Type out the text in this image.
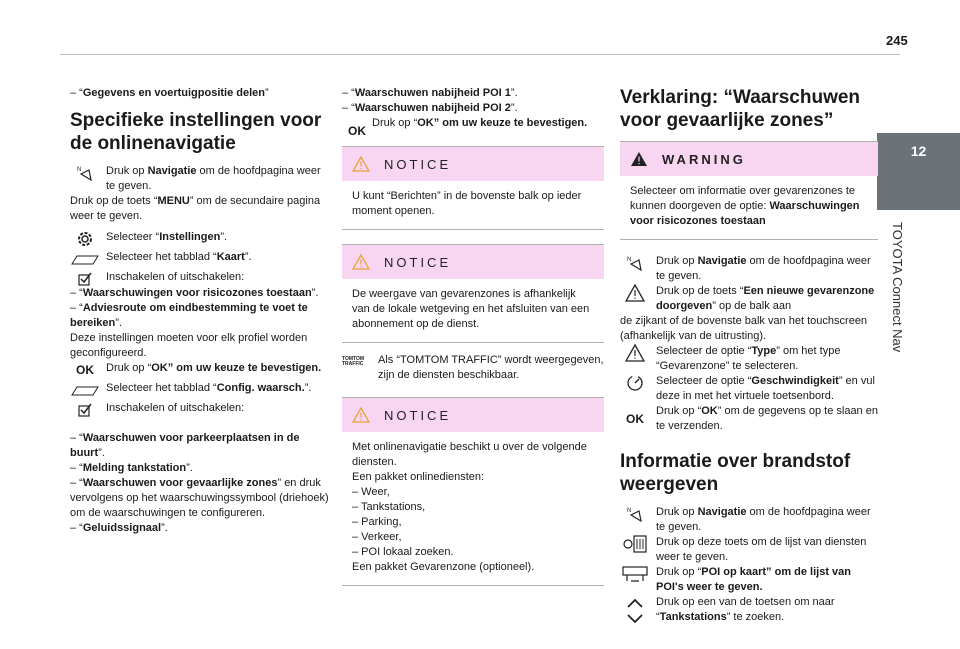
245
12
TOYOTA Connect Nav

– “Gegevens en voertuigpositie delen”

Specifieke instellingen voor de onlinenavigatie
N Druk op Navigatie om de hoofdpagina weer te geven.

Druk op de toets “MENU” om de secundaire pagina weer te geven.

Selecteer “Instellingen”.

Selecteer het tabblad “Kaart”.

Inschakelen of uitschakelen:

– “Waarschuwingen voor risicozones toestaan”.

– “Adviesroute om eindbestemming te voet te bereiken”.

Deze instellingen moeten voor elk profiel worden geconfigureerd.

OK	Druk op “OK” om uw keuze te bevestigen.

Selecteer het tabblad “Config. waarsch.”.

Inschakelen of uitschakelen:

– “Waarschuwen voor parkeerplaatsen in de buurt”.

– “Melding tankstation”.

– “Waarschuwen voor gevaarlijke zones” en druk vervolgens op het waarschuwingssymbool (driehoek) om de waarschuwingen te configureren.

– “Geluidssignaal”.

– “Waarschuwen nabijheid POI 1”.

– “Waarschuwen nabijheid POI 2”.

OK

Druk op “OK” om uw keuze te bevestigen.

NOTICE
U kunt “Berichten” in de bovenste balk op ieder moment openen.
NOTICE
De weergave van gevarenzones is afhankelijk van de lokale wetgeving en het afsluiten van een abonnement op de dienst.
TOMTOM TRAFFIC	Als “TOMTOM TRAFFIC” wordt weergegeven, zijn de diensten beschikbaar.

NOTICE

Met onlinenavigatie beschikt u over de volgende diensten.

Een pakket onlinediensten:

– Weer,

– Tankstations,

– Parking,

– Verkeer,

– POI lokaal zoeken.

Een pakket Gevarenzone (optioneel).

Verklaring: “Waarschuwen voor gevaarlijke zones”
WARNING
Selecteer om informatie over gevarenzones te kunnen doorgeven de optie: Waarschuwingen voor risicozones toestaan
N Druk op Navigatie om de hoofdpagina weer te geven.

Druk op de toets “Een nieuwe gevarenzone doorgeven” op de balk aan

de zijkant of de bovenste balk van het touchscreen (afhankelijk van de uitrusting).

Selecteer de optie “Type” om het type “Gevarenzone” te selecteren.

Selecteer de optie “Geschwindigkeit” en vul deze in met het virtuele toetsenbord.

OK

Druk op “OK” om de gegevens op te slaan en te verzenden.

Informatie over brandstof weergeven
N Druk op Navigatie om de hoofdpagina weer te geven.

Druk op deze toets om de lijst van diensten weer te geven.

Druk op “POI op kaart” om de lijst van POI's weer te geven.

Druk op een van de toetsen om naar “Tankstations” te zoeken.
